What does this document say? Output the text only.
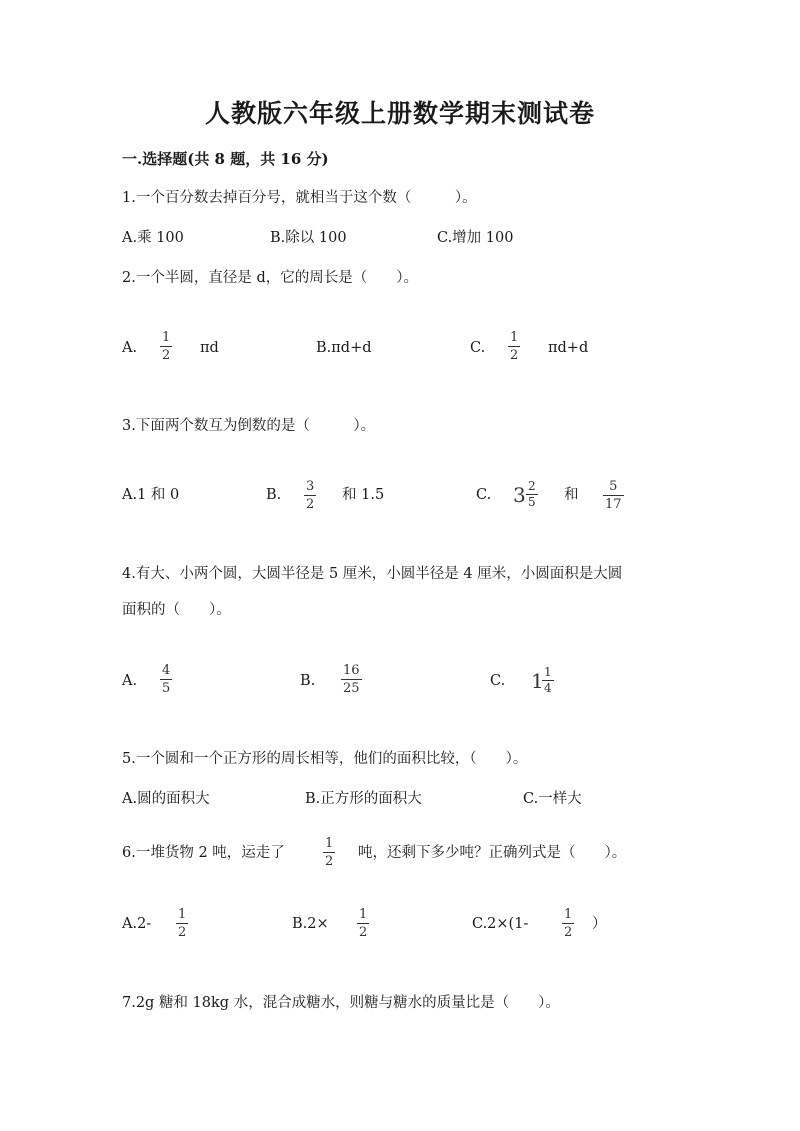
人教版六年级上册数学期末测试卷
一.选择题(共 8 题，共 16 分)
1.一个百分数去掉百分号，就相当于这个数（　　　）。
A.乘 100	B.除以 100	C.增加 100
2.一个半圆，直径是 d，它的周长是（　　）。
A.
1
2 πd	B.πd+d	C.
1
2 πd+d
3.下面两个数互为倒数的是（　　　）。
A.1 和 0	B.
3
2
和 1.5	C. 3 2
5 和
5
17
4.有大、小两个圆，大圆半径是 5 厘米，小圆半径是 4 厘米，小圆面积是大圆
面积的（　　）。
A.
4
5	B.
16
25	C. 1 1
4
5.一个圆和一个正方形的周长相等，他们的面积比较，（　　）。
A.圆的面积大	B.正方形的面积大	C.一样大
6.一堆货物 2 吨，运走了
1
2
吨，还剩下多少吨？正确列式是（　　）。
A.2-
1
2
B.2×
1
2
C.2×(1-
1
2
）
7.2g 糖和 18kg 水，混合成糖水，则糖与糖水的质量比是（　　）。
